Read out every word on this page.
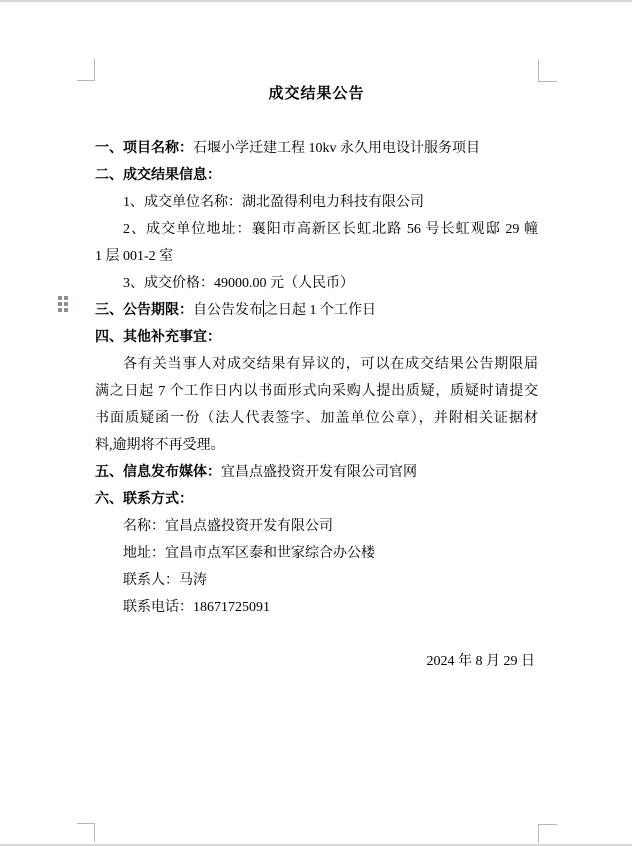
成交结果公告
一、项目名称：石堰小学迁建工程 10kv 永久用电设计服务项目
二、成交结果信息：
1、成交单位名称：湖北盈得利电力科技有限公司
2、成交单位地址：襄阳市高新区长虹北路 56 号长虹观邸 29 幢
1 层 001-2 室
3、成交价格：49000.00 元（人民币）
三、公告期限：自公告发布之日起 1 个工作日
四、其他补充事宜：
各有关当事人对成交结果有异议的，可以在成交结果公告期限届
满之日起 7 个工作日内以书面形式向采购人提出质疑，质疑时请提交
书面质疑函一份（法人代表签字、加盖单位公章），并附相关证据材
料,逾期将不再受理。
五、信息发布媒体：宜昌点盛投资开发有限公司官网
六、联系方式：
名称：宜昌点盛投资开发有限公司
地址：宜昌市点军区泰和世家综合办公楼
联系人：马涛
联系电话：18671725091
2024 年 8 月 29 日
